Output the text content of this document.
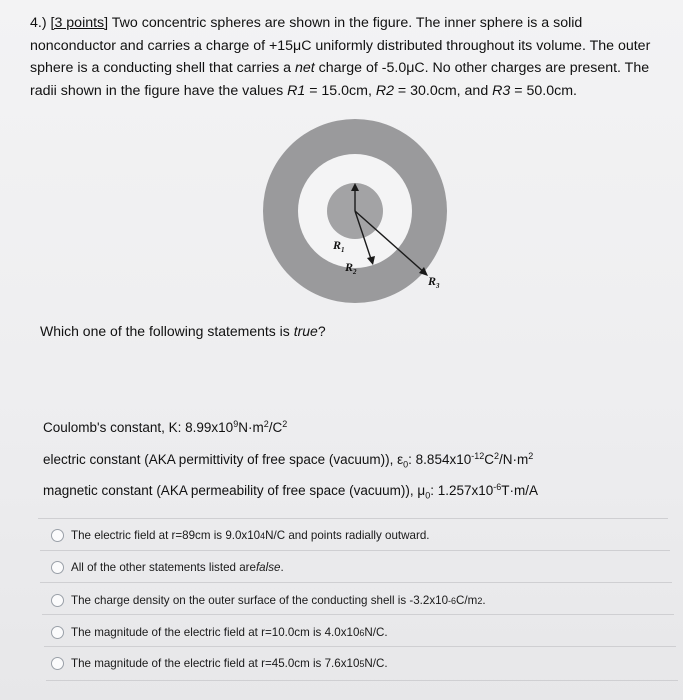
4.) [3 points] Two concentric spheres are shown in the figure. The inner sphere is a solid nonconductor and carries a charge of +15μC uniformly distributed throughout its volume. The outer sphere is a conducting shell that carries a net charge of -5.0μC. No other charges are present. The radii shown in the figure have the values R1 = 15.0cm, R2 = 30.0cm, and R3 = 50.0cm.
$R_1$
$R_2$
$R_3$
Which one of the following statements is true?
Coulomb's constant, K: $8.99x10^9N\cdot m^2/C^2$
electric constant (AKA permittivity of free space (vacuum)), $\varepsilon_0$: $8.854x10^{-12}C^2/N\cdot m^2$
magnetic constant (AKA permeability of free space (vacuum)), $\mu_0$: $1.257x10^{-6}T\cdot m/A$
The electric field at r=89cm is 9.0x10 4 N/C and points radially outward.
All of the other statements listed are false .
The charge density on the outer surface of the conducting shell is -3.2x10 -6 C/m 2 .
The magnitude of the electric field at r=10.0cm is 4.0x10 6 N/C.
The magnitude of the electric field at r=45.0cm is 7.6x10 5 N/C.
